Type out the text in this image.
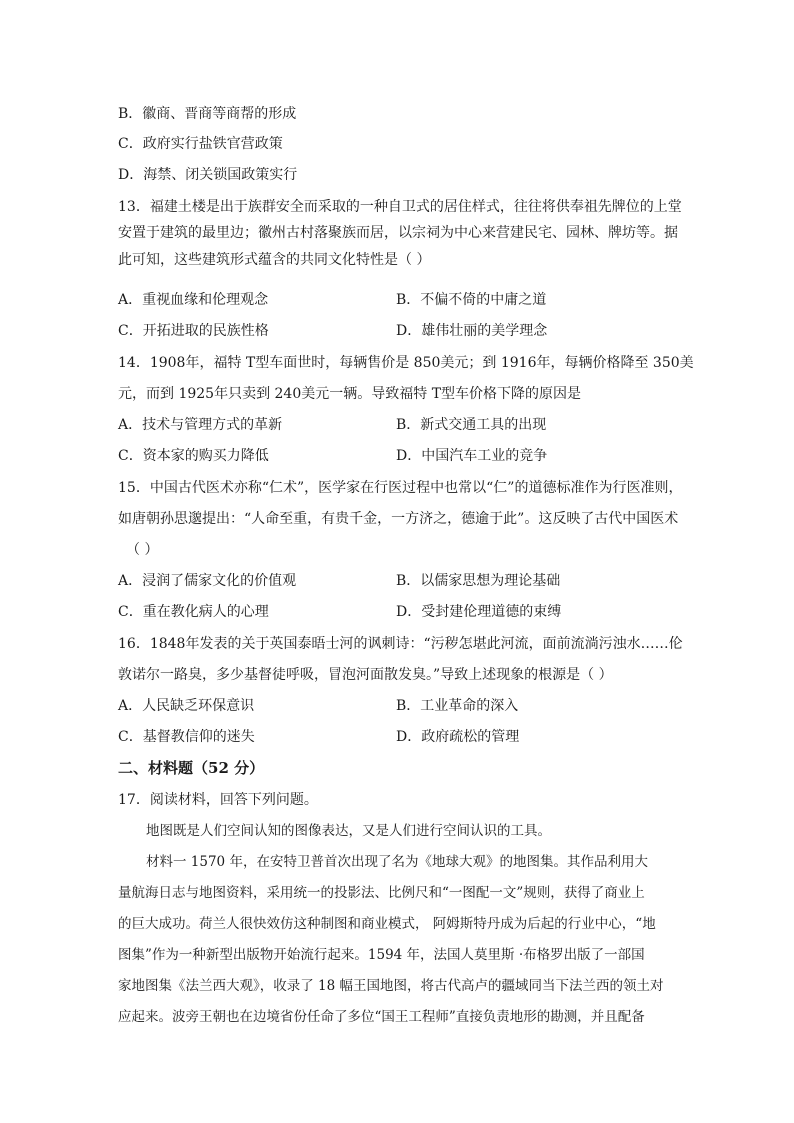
B．徽商、晋商等商帮的形成
C．政府实行盐铁官营政策
D．海禁、闭关锁国政策实行
13．福建土楼是出于族群安全而采取的一种自卫式的居住样式，往往将供奉祖先牌位的上堂
安置于建筑的最里边；徽州古村落聚族而居，以宗祠为中心来营建民宅、园林、牌坊等。据
此可知，这些建筑形式蕴含的共同文化特性是（ ）
A．重视血缘和伦理观念	B．不偏不倚的中庸之道
C．开拓进取的民族性格	D．雄伟壮丽的美学理念
14．1908年，福特 T型车面世时，每辆售价是 850美元；到 1916年，每辆价格降至 350美
元，而到 1925年只卖到 240美元一辆。导致福特 T型车价格下降的原因是
A．技术与管理方式的革新	B．新式交通工具的出现
C．资本家的购买力降低	D．中国汽车工业的竞争
15．中国古代医术亦称“仁术”，医学家在行医过程中也常以“仁”的道德标准作为行医准则，
如唐朝孙思邈提出：“人命至重，有贵千金，一方济之，德逾于此”。这反映了古代中国医术
（ ）
A．浸润了儒家文化的价值观	B．以儒家思想为理论基础
C．重在教化病人的心理	D．受封建伦理道德的束缚
16．1848年发表的关于英国泰晤士河的讽刺诗：“污秽怎堪此河流，面前流淌污浊水……伦
敦诺尔一路臭，多少基督徒呼吸，冒泡河面散发臭。”导致上述现象的根源是（ ）
A．人民缺乏环保意识	B．工业革命的深入
C．基督教信仰的迷失	D．政府疏松的管理
二、材料题（52 分）
17．阅读材料，回答下列问题。
地图既是人们空间认知的图像表达，又是人们进行空间认识的工具。
材料一 1570 年，在安特卫普首次出现了名为《地球大观》的地图集。其作品利用大
量航海日志与地图资料，采用统一的投影法、比例尺和“一图配一文”规则，获得了商业上
的巨大成功。荷兰人很快效仿这种制图和商业模式， 阿姆斯特丹成为后起的行业中心，“地
图集”作为一种新型出版物开始流行起来。1594 年，法国人莫里斯 ·布格罗出版了一部国
家地图集《法兰西大观》，收录了 18 幅王国地图，将古代高卢的疆域同当下法兰西的领土对
应起来。波旁王朝也在边境省份任命了多位“国王工程师”直接负责地形的勘测，并且配备
